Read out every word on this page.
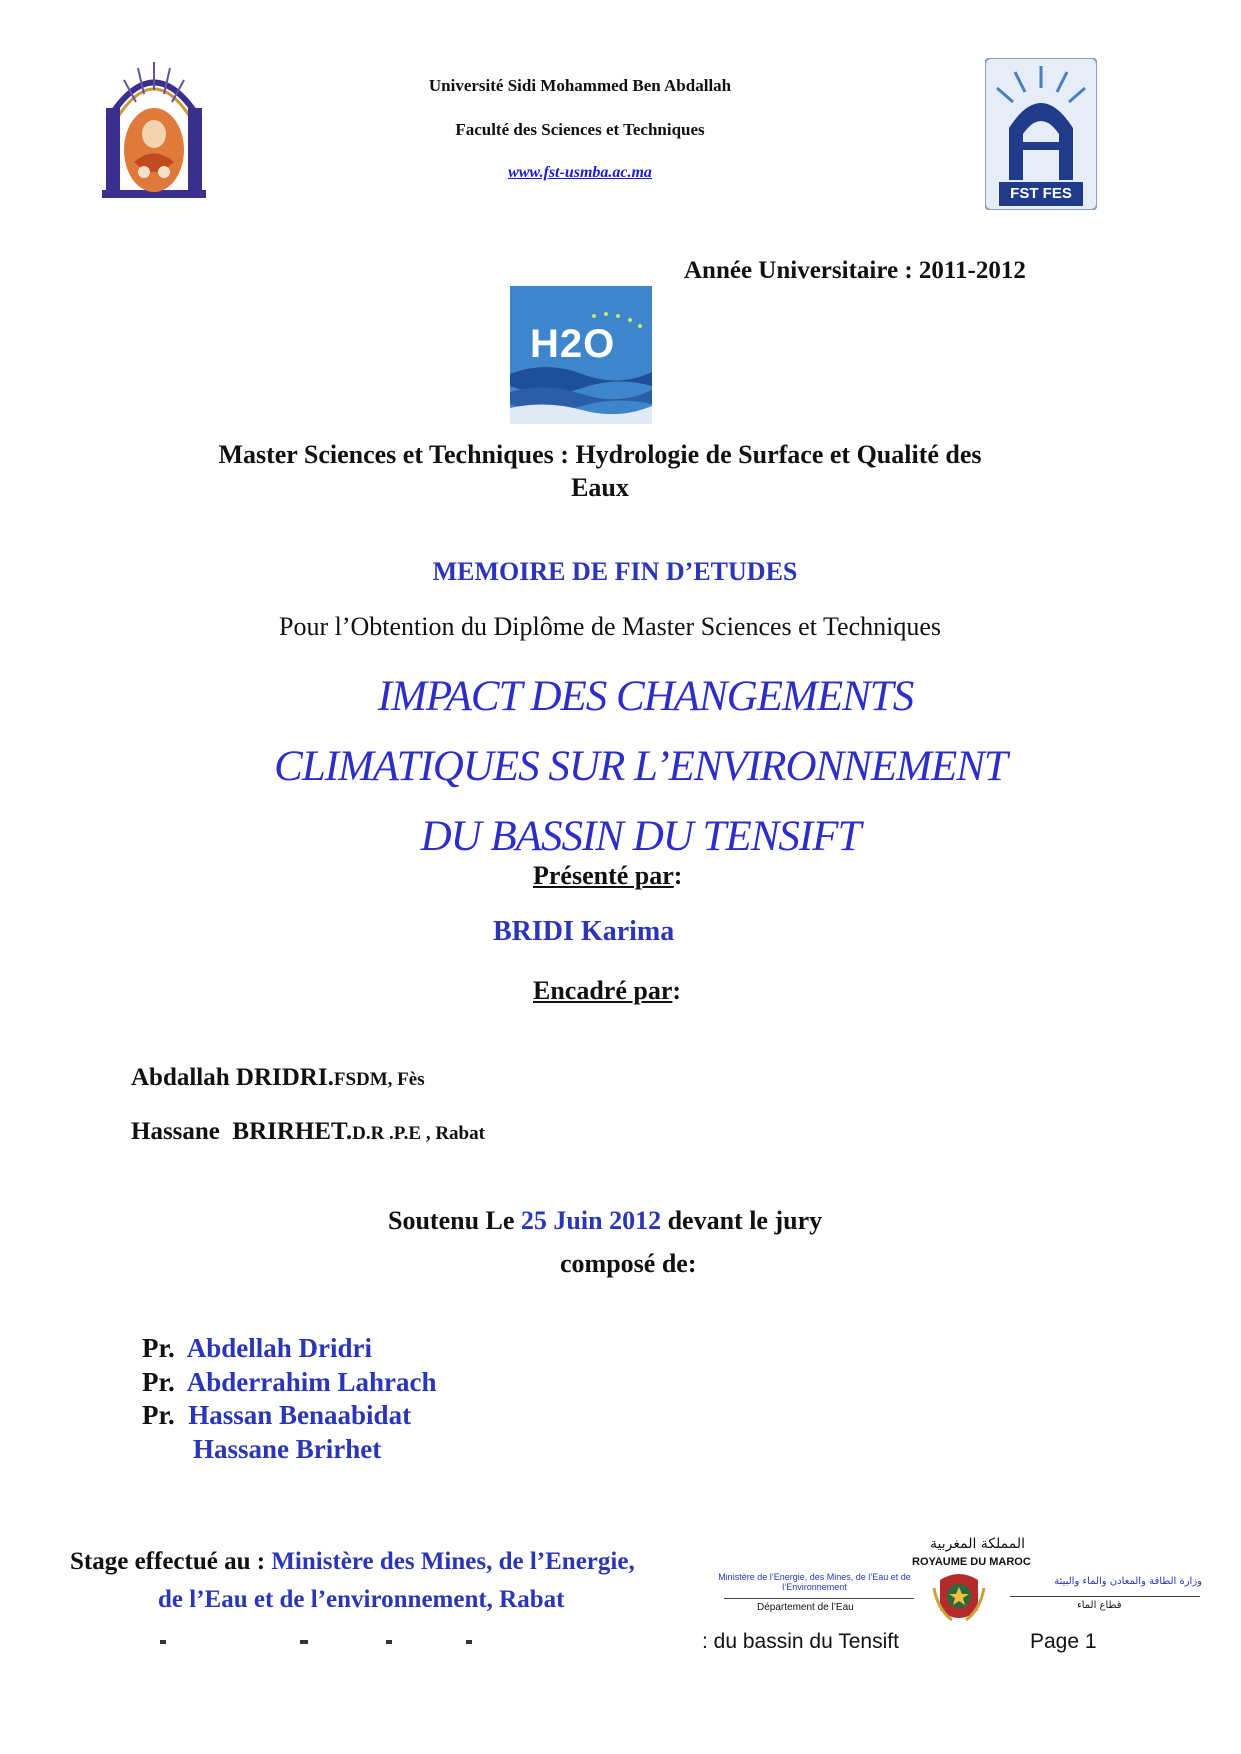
Université Sidi Mohammed Ben Abdallah
Faculté des Sciences et Techniques
www.fst-usmba.ac.ma
FST FES
Année Universitaire : 2011-2012
H2O
Master Sciences et Techniques : Hydrologie de Surface et Qualité des
Eaux
MEMOIRE DE FIN D’ETUDES
Pour l’Obtention du Diplôme de Master Sciences et Techniques
IMPACT DES CHANGEMENTS
CLIMATIQUES SUR L’ENVIRONNEMENT
DU BASSIN DU TENSIFT
Présenté par:
BRIDI Karima
Encadré par:
Abdallah DRIDRI.FSDM, Fès
Hassane  BRIRHET.D.R .P.E , Rabat
Soutenu Le 25 Juin 2012 devant le jury
composé de:
Pr. Abdellah Dridri
Pr. Abderrahim Lahrach
Pr. Hassan Benaabidat
Hassane Brirhet
Stage effectué au : Ministère des Mines, de l’Energie,
de l’Eau et de l’environnement, Rabat
المملكة المغربية
ROYAUME DU MAROC
Ministère de l’Energie, des Mines, de l’Eau et de l’Environnement
Département de l’Eau
وزارة الطاقة والمعادن والماء والبيئة
قطاع الماء
: du bassin du Tensift	Page 1
